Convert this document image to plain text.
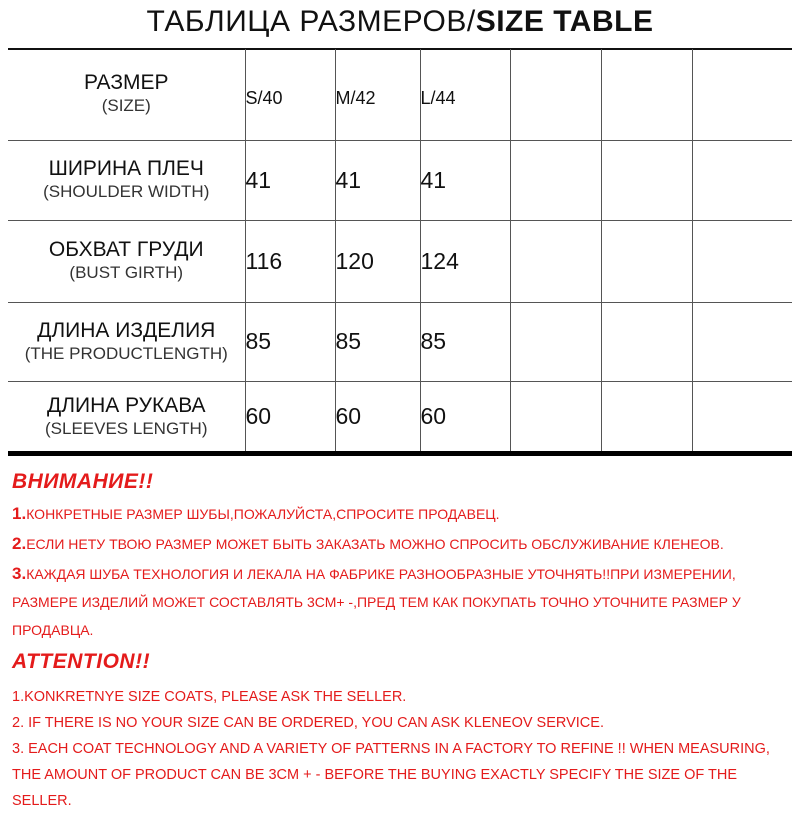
ТАБЛИЦА РАЗМЕРОВ/SIZE TABLE
РАЗМЕР
(SIZE)	S/40	M/42	L/44			

ШИРИНА ПЛЕЧ
(SHOULDER WIDTH)	41	41	41			

ОБХВАТ ГРУДИ
(BUST GIRTH)	116	120	124			

ДЛИНА ИЗДЕЛИЯ
(THE PRODUCTLENGTH)	85	85	85			

ДЛИНА РУКАВА
(SLEEVES LENGTH)	60	60	60			
ВНИМАНИЕ!!
1.КОНКРЕТНЫЕ РАЗМЕР ШУБЫ,ПОЖАЛУЙСТА,СПРОСИТЕ ПРОДАВЕЦ.
2.ЕСЛИ НЕТУ ТВОЮ РАЗМЕР МОЖЕТ БЫТЬ ЗАКАЗАТЬ МОЖНО СПРОСИТЬ ОБСЛУЖИВАНИЕ КЛЕНЕОВ.
3.КАЖДАЯ ШУБА ТЕХНОЛОГИЯ И ЛЕКАЛА НА ФАБРИКЕ РАЗНООБРАЗНЫЕ УТОЧНЯТЬ!!ПРИ ИЗМЕРЕНИИ, РАЗМЕРЕ ИЗДЕЛИЙ МОЖЕТ СОСТАВЛЯТЬ 3СМ+ -,ПРЕД ТЕМ КАК ПОКУПАТЬ ТОЧНО УТОЧНИТЕ РАЗМЕР У ПРОДАВЦА.
ATTENTION!!
1.KONKRETNYE SIZE COATS, PLEASE ASK THE SELLER.
2. IF THERE IS NO YOUR SIZE CAN BE ORDERED, YOU CAN ASK KLENEOV SERVICE.
3. EACH COAT TECHNOLOGY AND A VARIETY OF PATTERNS IN A FACTORY TO REFINE !! WHEN MEASURING, THE AMOUNT OF PRODUCT CAN BE 3CM + - BEFORE THE BUYING EXACTLY SPECIFY THE SIZE OF THE SELLER.
